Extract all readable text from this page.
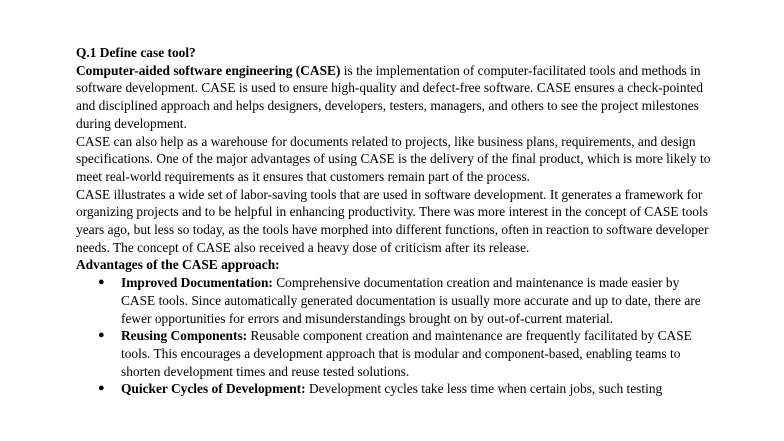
Q.1 Define case tool?

Computer-aided software engineering (CASE) is the implementation of computer-facilitated tools and methods in software development. CASE is used to ensure high-quality and defect-free software. CASE ensures a check-pointed and disciplined approach and helps designers, developers, testers, managers, and others to see the project milestones during development.

CASE can also help as a warehouse for documents related to projects, like business plans, requirements, and design specifications. One of the major advantages of using CASE is the delivery of the final product, which is more likely to meet real-world requirements as it ensures that customers remain part of the process.

CASE illustrates a wide set of labor-saving tools that are used in software development. It generates a framework for organizing projects and to be helpful in enhancing productivity. There was more interest in the concept of CASE tools years ago, but less so today, as the tools have morphed into different functions, often in reaction to software developer needs. The concept of CASE also received a heavy dose of criticism after its release.

Advantages of the CASE approach:

● Improved Documentation: Comprehensive documentation creation and maintenance is made easier by CASE tools. Since automatically generated documentation is usually more accurate and up to date, there are fewer opportunities for errors and misunderstandings brought on by out-of-current material.
● Reusing Components: Reusable component creation and maintenance are frequently facilitated by CASE tools. This encourages a development approach that is modular and component-based, enabling teams to shorten development times and reuse tested solutions.
● Quicker Cycles of Development: Development cycles take less time when certain jobs, such testing
